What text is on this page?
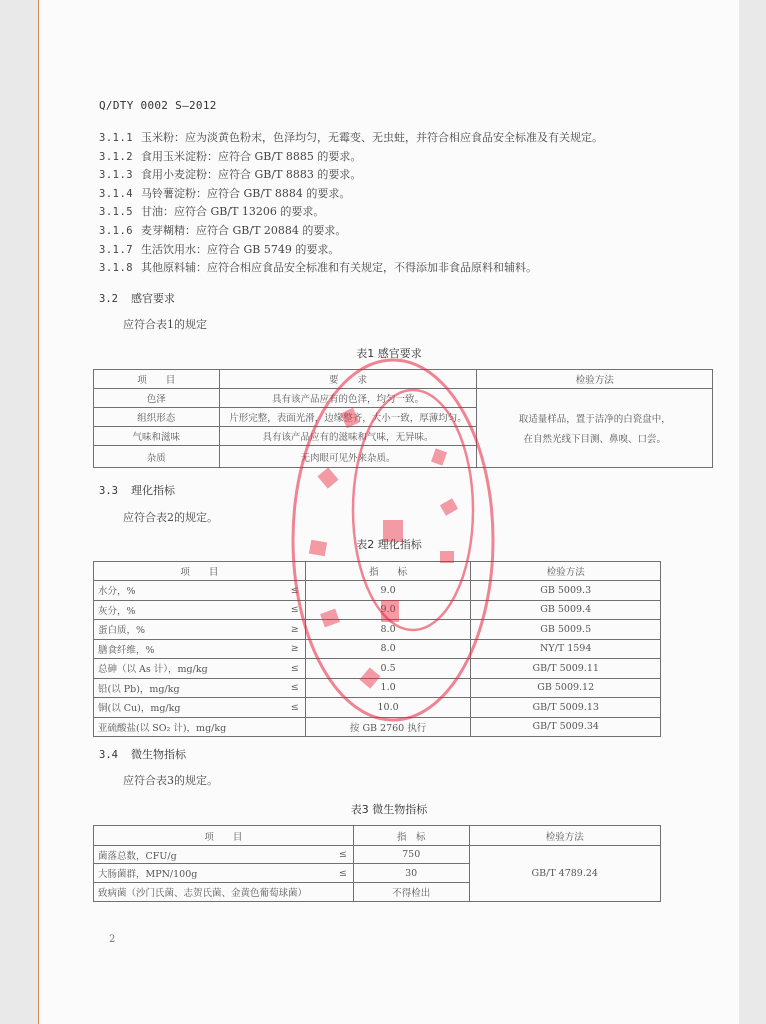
Q/DTY 0002 S—2012
3.1.1 玉米粉：应为淡黄色粉末，色泽均匀，无霉变、无虫蛀，并符合相应食品安全标准及有关规定。
3.1.2 食用玉米淀粉：应符合 GB/T 8885 的要求。
3.1.3 食用小麦淀粉：应符合 GB/T 8883 的要求。
3.1.4 马铃薯淀粉：应符合 GB/T 8884 的要求。
3.1.5 甘油：应符合 GB/T 13206 的要求。
3.1.6 麦芽糊精：应符合 GB/T 20884 的要求。
3.1.7 生活饮用水：应符合 GB 5749 的要求。
3.1.8 其他原料辅：应符合相应食品安全标准和有关规定，不得添加非食品原料和辅料。
3.2 感官要求
应符合表1的规定
表1 感官要求
项　　目	要　　求	检验方法
色泽	具有该产品应有的色泽，均匀一致。	取适量样品，置于洁净的白瓷盘中，
在自然光线下目测、鼻嗅、口尝。

组织形态	片形完整，表面光滑，边缘整齐，大小一致，厚薄均匀。	
气味和滋味	具有该产品应有的滋味和气味，无异味。	
杂质	无肉眼可见外来杂质。	
3.3 理化指标
应符合表2的规定。
表2 理化指标
项　　目		指　　标	检验方法
水分，%	≤	9.0	GB 5009.3
灰分，%	≤	9.0	GB 5009.4
蛋白质，%	≥	8.0	GB 5009.5
膳食纤维，%	≥	8.0	NY/T 1594
总砷（以 As 计），mg/kg	≤	0.5	GB/T 5009.11
铅(以 Pb)，mg/kg	≤	1.0	GB 5009.12
铜(以 Cu)，mg/kg	≤	10.0	GB/T 5009.13
亚硫酸盐(以 SO₂ 计)，mg/kg		按 GB 2760 执行	GB/T 5009.34
3.4 微生物指标
应符合表3的规定。
表3 微生物指标
项　　目		指　标	检验方法
菌落总数，CFU/g	≤	750	GB/T 4789.24
大肠菌群，MPN/100g	≤	30	
致病菌（沙门氏菌、志贺氏菌、金黄色葡萄球菌）		不得检出	
2
